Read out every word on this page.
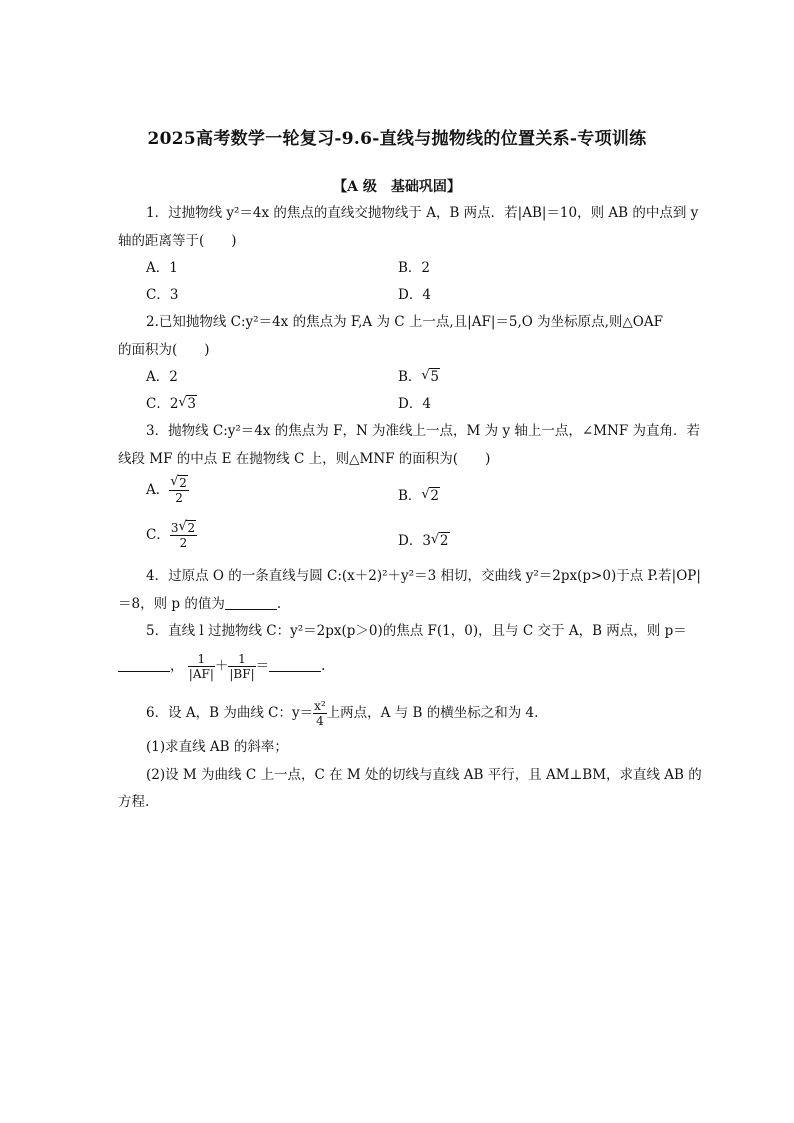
2025高考数学一轮复习-9.6-直线与抛物线的位置关系-专项训练
【A 级　基础巩固】
1．过抛物线 y²＝4x 的焦点的直线交抛物线于 A，B 两点．若|AB|＝10，则 AB 的中点到 y
轴的距离等于(　　)
A．1	B．2
C．3	D．4
2.已知抛物线 C:y²＝4x 的焦点为 F,A 为 C 上一点,且|AF|＝5,O 为坐标原点,则△OAF
的面积为(　　)
A．2	B． √ 5
C．2 √ 3	D．4
3．抛物线 C:y²＝4x 的焦点为 F，N 为准线上一点，M 为 y 轴上一点，∠MNF 为直角．若
线段 MF 的中点 E 在抛物线 C 上，则△MNF 的面积为(　　)
A． √ $\frac{2}{2}$	B． √ 2
C． $\frac{3 √ 2}{2}$	D．3 √ 2
4．过原点 O 的一条直线与圆 C:(x＋2)²＋y²＝3 相切，交曲线 y²＝2px(p>0)于点 P.若|OP|
＝8，则 p 的值为	.
5．直线 l 过抛物线 C：y²＝2px(p＞0)的焦点 F(1，0)，且与 C 交于 A，B 两点，则 p＝
， $\frac{1}{|AF|} + \frac{1}{|BF|}$ ＝	.
6．设 A，B 为曲线 C：$y= \frac{\text{x²}}{4}$ 上两点，A 与 B 的横坐标之和为 4.
(1)求直线 AB 的斜率；
(2)设 M 为曲线 C 上一点，C 在 M 处的切线与直线 AB 平行，且 AM⊥BM，求直线 AB 的
方程.
